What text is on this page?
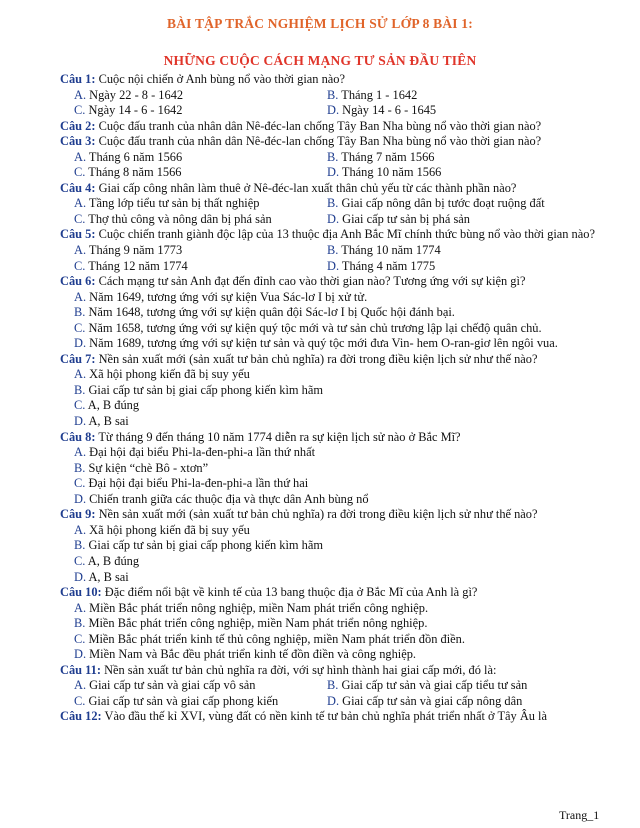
BÀI TẬP TRẮC NGHIỆM LỊCH SỬ LỚP 8 BÀI 1:
NHỮNG CUỘC CÁCH MẠNG TƯ SẢN ĐẦU TIÊN

Câu 1: Cuộc nội chiến ở Anh bùng nổ vào thời gian nào?

A. Ngày 22 - 8 - 1642	B. Tháng 1 - 1642
C. Ngày 14 - 6 - 1642	D. Ngày 14 - 6 - 1645

Câu 2: Cuộc đấu tranh của nhân dân Nê-đéc-lan chống Tây Ban Nha bùng nổ vào thời gian nào?

Câu 3: Cuộc đấu tranh của nhân dân Nê-đéc-lan chống Tây Ban Nha bùng nổ vào thời gian nào?

A. Tháng 6 năm 1566	B. Tháng 7 năm 1566
C. Tháng 8 năm 1566	D. Tháng 10 năm 1566

Câu 4: Giai cấp công nhân làm thuê ở Nê-đéc-lan xuất thân chủ yếu từ các thành phần nào?

A. Tầng lớp tiểu tư sản bị thất nghiệp	B. Giai cấp nông dân bị tước đoạt ruộng đất
C. Thợ thủ công và nông dân bị phá sản	D. Giai cấp tư sản bị phá sản

Câu 5: Cuộc chiến tranh giành độc lập của 13 thuộc địa Anh Bắc Mĩ chính thức bùng nổ vào thời gian nào?

A. Tháng 9 năm 1773	B. Tháng 10 năm 1774
C. Tháng 12 năm 1774	D. Tháng 4 năm 1775

Câu 6: Cách mạng tư sản Anh đạt đến đỉnh cao vào thời gian nào? Tương ứng với sự kiện gì?

A. Năm 1649, tương ứng với sự kiện Vua Sác-lơ I bị xử tử.
B. Năm 1648, tương ứng với sự kiện quân đội Sác-lơ I bị Quốc hội đánh bại.
C. Năm 1658, tương ứng với sự kiện quý tộc mới và tư sản chủ trương lập lại chếđộ quân chủ.
D. Năm 1689, tương ứng với sự kiện tư sản và quý tộc mới đưa Vin- hem O-ran-giơ lên ngôi vua.

Câu 7: Nền sản xuất mới (sản xuất tư bản chủ nghĩa) ra đời trong điều kiện lịch sử như thế nào?

A. Xã hội phong kiến đã bị suy yếu
B. Giai cấp tư sản bị giai cấp phong kiến kìm hãm
C. A, B đúng
D. A, B sai

Câu 8: Từ tháng 9 đến tháng 10 năm 1774 diễn ra sự kiện lịch sử nào ở Bắc Mĩ?

A. Đại hội đại biểu Phi-la-đen-phi-a lần thứ nhất
B. Sự kiện “chè Bô - xtơn”
C. Đại hội đại biểu Phi-la-đen-phi-a lần thứ hai
D. Chiến tranh giữa các thuộc địa và thực dân Anh bùng nổ

Câu 9: Nền sản xuất mới (sản xuất tư bản chủ nghĩa) ra đời trong điều kiện lịch sử như thế nào?

A. Xã hội phong kiến đã bị suy yếu
B. Giai cấp tư sản bị giai cấp phong kiến kìm hãm
C. A, B đúng
D. A, B sai

Câu 10: Đặc điểm nổi bật về kinh tế của 13 bang thuộc địa ở Bắc Mĩ của Anh là gì?

A. Miền Bắc phát triển nông nghiệp, miền Nam phát triển công nghiệp.
B. Miền Bắc phát triển công nghiệp, miền Nam phát triển nông nghiệp.
C. Miền Bắc phát triển kinh tế thủ công nghiệp, miền Nam phát triển đồn điền.
D. Miền Nam và Bắc đều phát triển kinh tế đồn điền và công nghiệp.

Câu 11: Nền sản xuất tư bản chủ nghĩa ra đời, với sự hình thành hai giai cấp mới, đó là:

A. Giai cấp tư sản và giai cấp vô sản	B. Giai cấp tư sản và giai cấp tiểu tư sản
C. Giai cấp tư sản và giai cấp phong kiến	D. Giai cấp tư sản và giai cấp nông dân

Câu 12: Vào đầu thế kỉ XVI, vùng đất có nền kinh tế tư bản chủ nghĩa phát triển nhất ở Tây Âu là

Trang_1
